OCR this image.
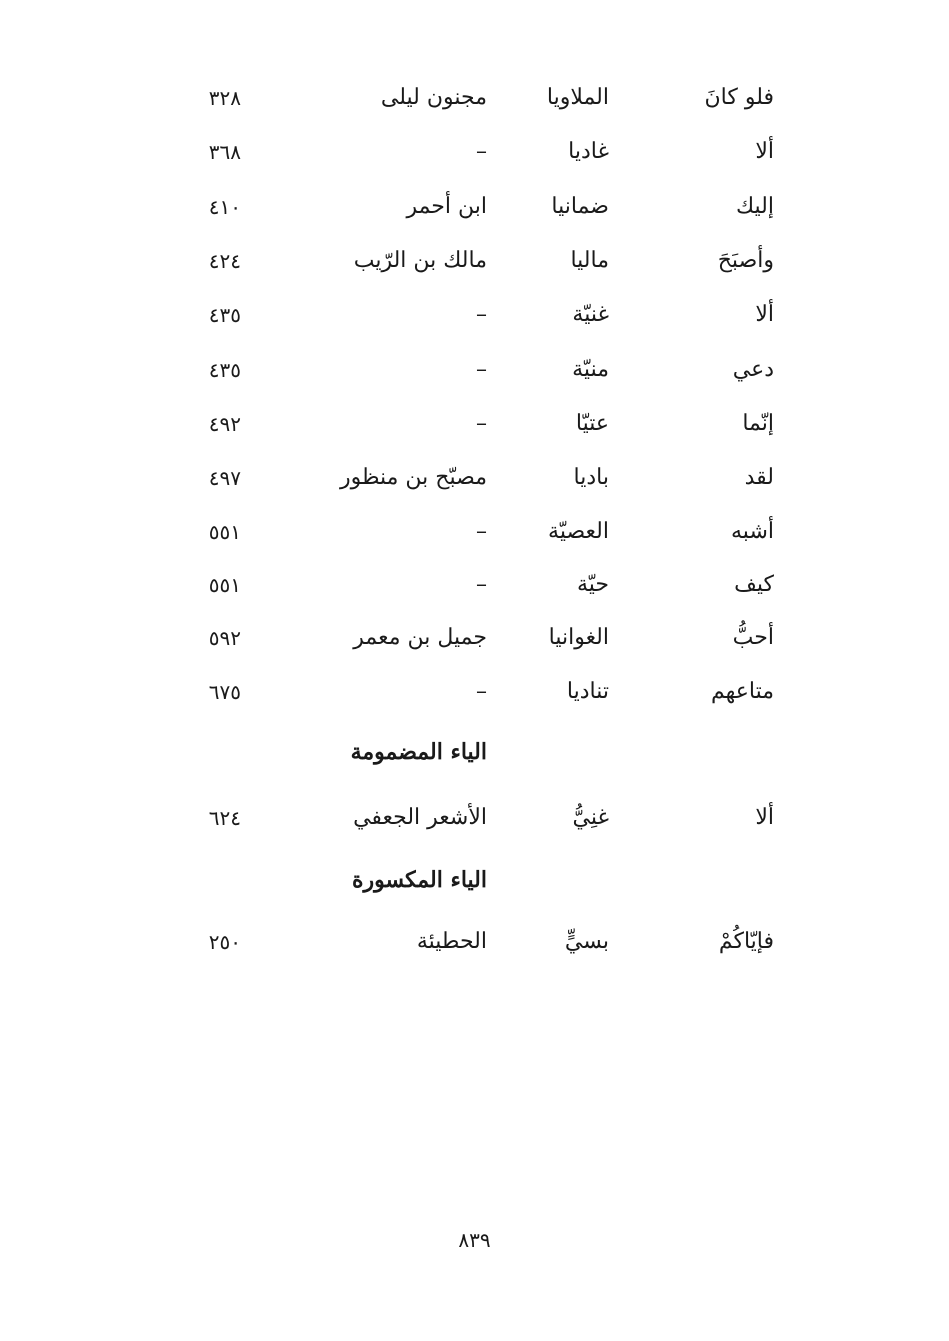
فلو كانَ
الملاويا
مجنون ليلى
٣٢٨
ألا
غاديا
–
٣٦٨
إليك
ضمانيا
ابن أحمر
٤١٠
وأصبَحَ
ماليا
مالك بن الرّيب
٤٢٤
ألا
غنيّة
–
٤٣٥
دعي
منيّة
–
٤٣٥
إنّما
عتيّا
–
٤٩٢
لقد
باديا
مصبّح بن منظور
٤٩٧
أشبه
العصيّة
–
٥٥١
كيف
حيّة
–
٥٥١
أحبُّ
الغوانيا
جميل بن معمر
٥٩٢
متاعهم
تناديا
–
٦٧٥
الياء المضمومة
ألا
غنِيُّ
الأشعر الجعفي
٦٢٤
الياء المكسورة
فإيّاكُمْ
بسيٍّ
الحطيئة
٢٥٠
٨٣٩
